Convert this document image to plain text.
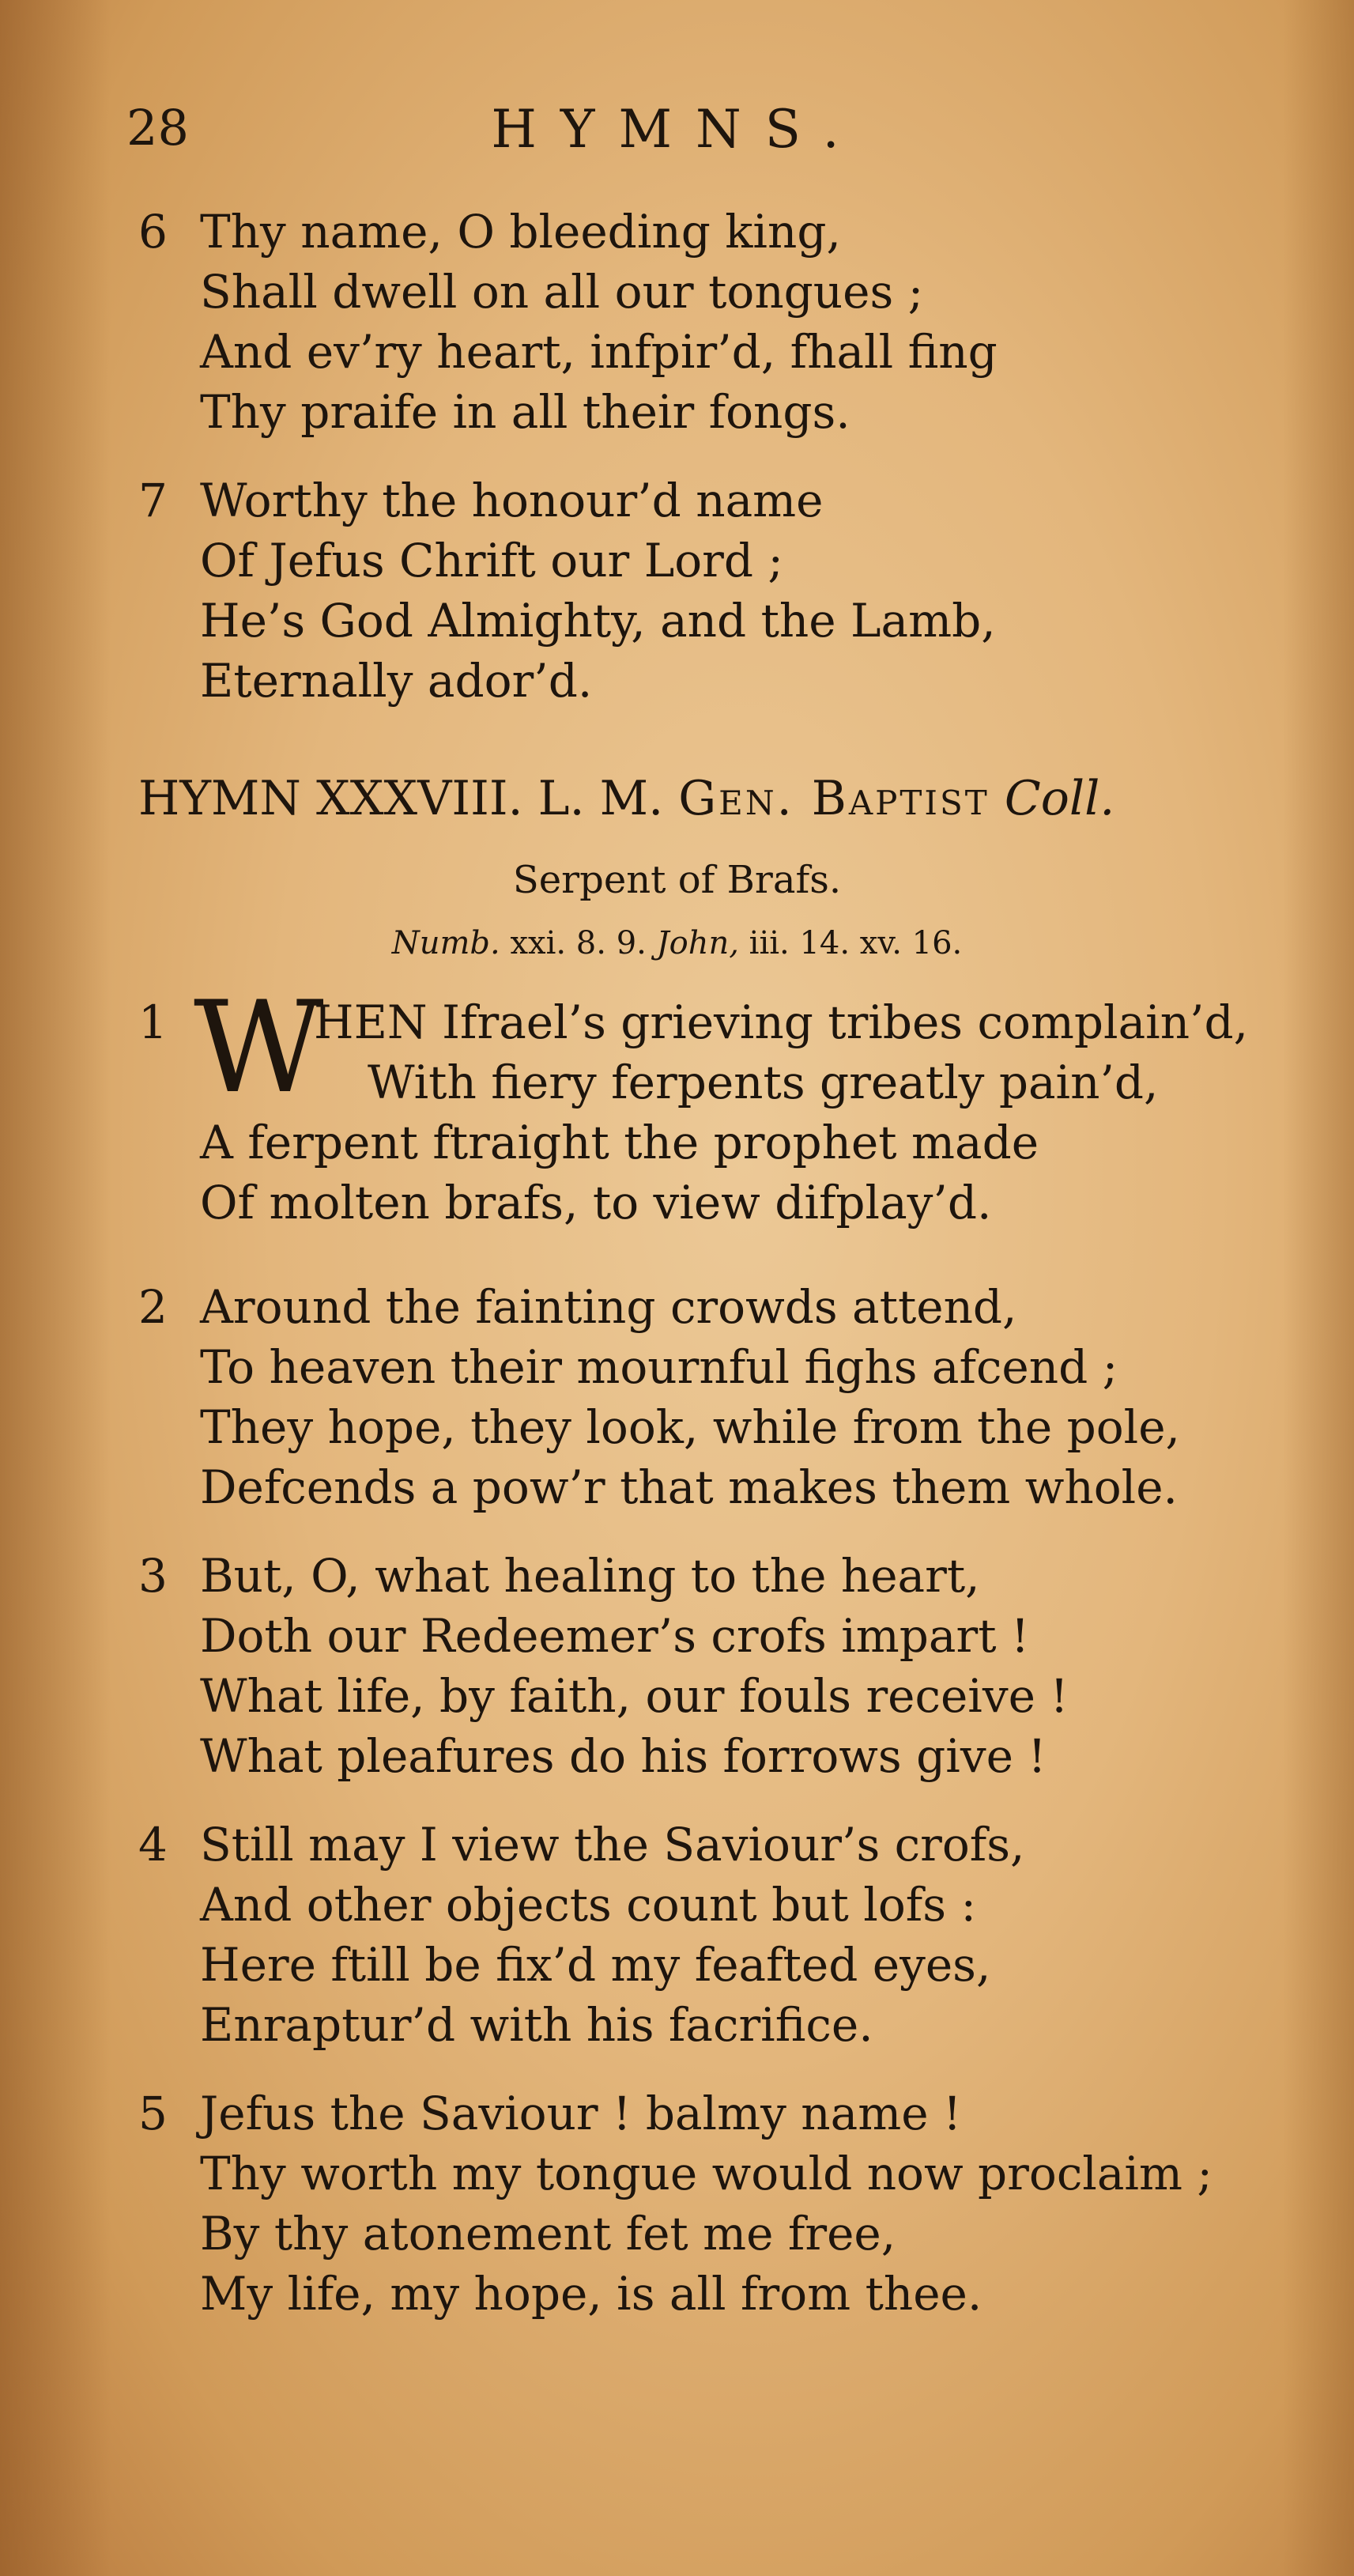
28	HYMNS.
6 Thy name, O bleeding king,
Shall dwell on all our tongues ;
And ev’ry heart, infpir’d, fhall fing
Thy praife in all their fongs.
7 Worthy the honour’d name
Of Jefus Chrift our Lord ;
He’s God Almighty, and the Lamb,
Eternally ador’d.
HYMN XXXVIII. L. M. Gen. Baptist Coll.
Serpent of Brafs.
Numb. xxi. 8. 9. John, iii. 14. xv. 16.
1 W
HEN Ifrael’s grieving tribes complain’d,
With fiery ferpents greatly pain’d,
A ferpent ftraight the prophet made
Of molten brafs, to view difplay’d.
2 Around the fainting crowds attend,
To heaven their mournful fighs afcend ;
They hope, they look, while from the pole,
Defcends a pow’r that makes them whole.
3 But, O, what healing to the heart,
Doth our Redeemer’s crofs impart !
What life, by faith, our fouls receive !
What pleafures do his forrows give !
4 Still may I view the Saviour’s crofs,
And other objects count but lofs :
Here ftill be fix’d my feafted eyes,
Enraptur’d with his facrifice.
5 Jefus the Saviour ! balmy name !
Thy worth my tongue would now proclaim ;
By thy atonement fet me free,
My life, my hope, is all from thee.
